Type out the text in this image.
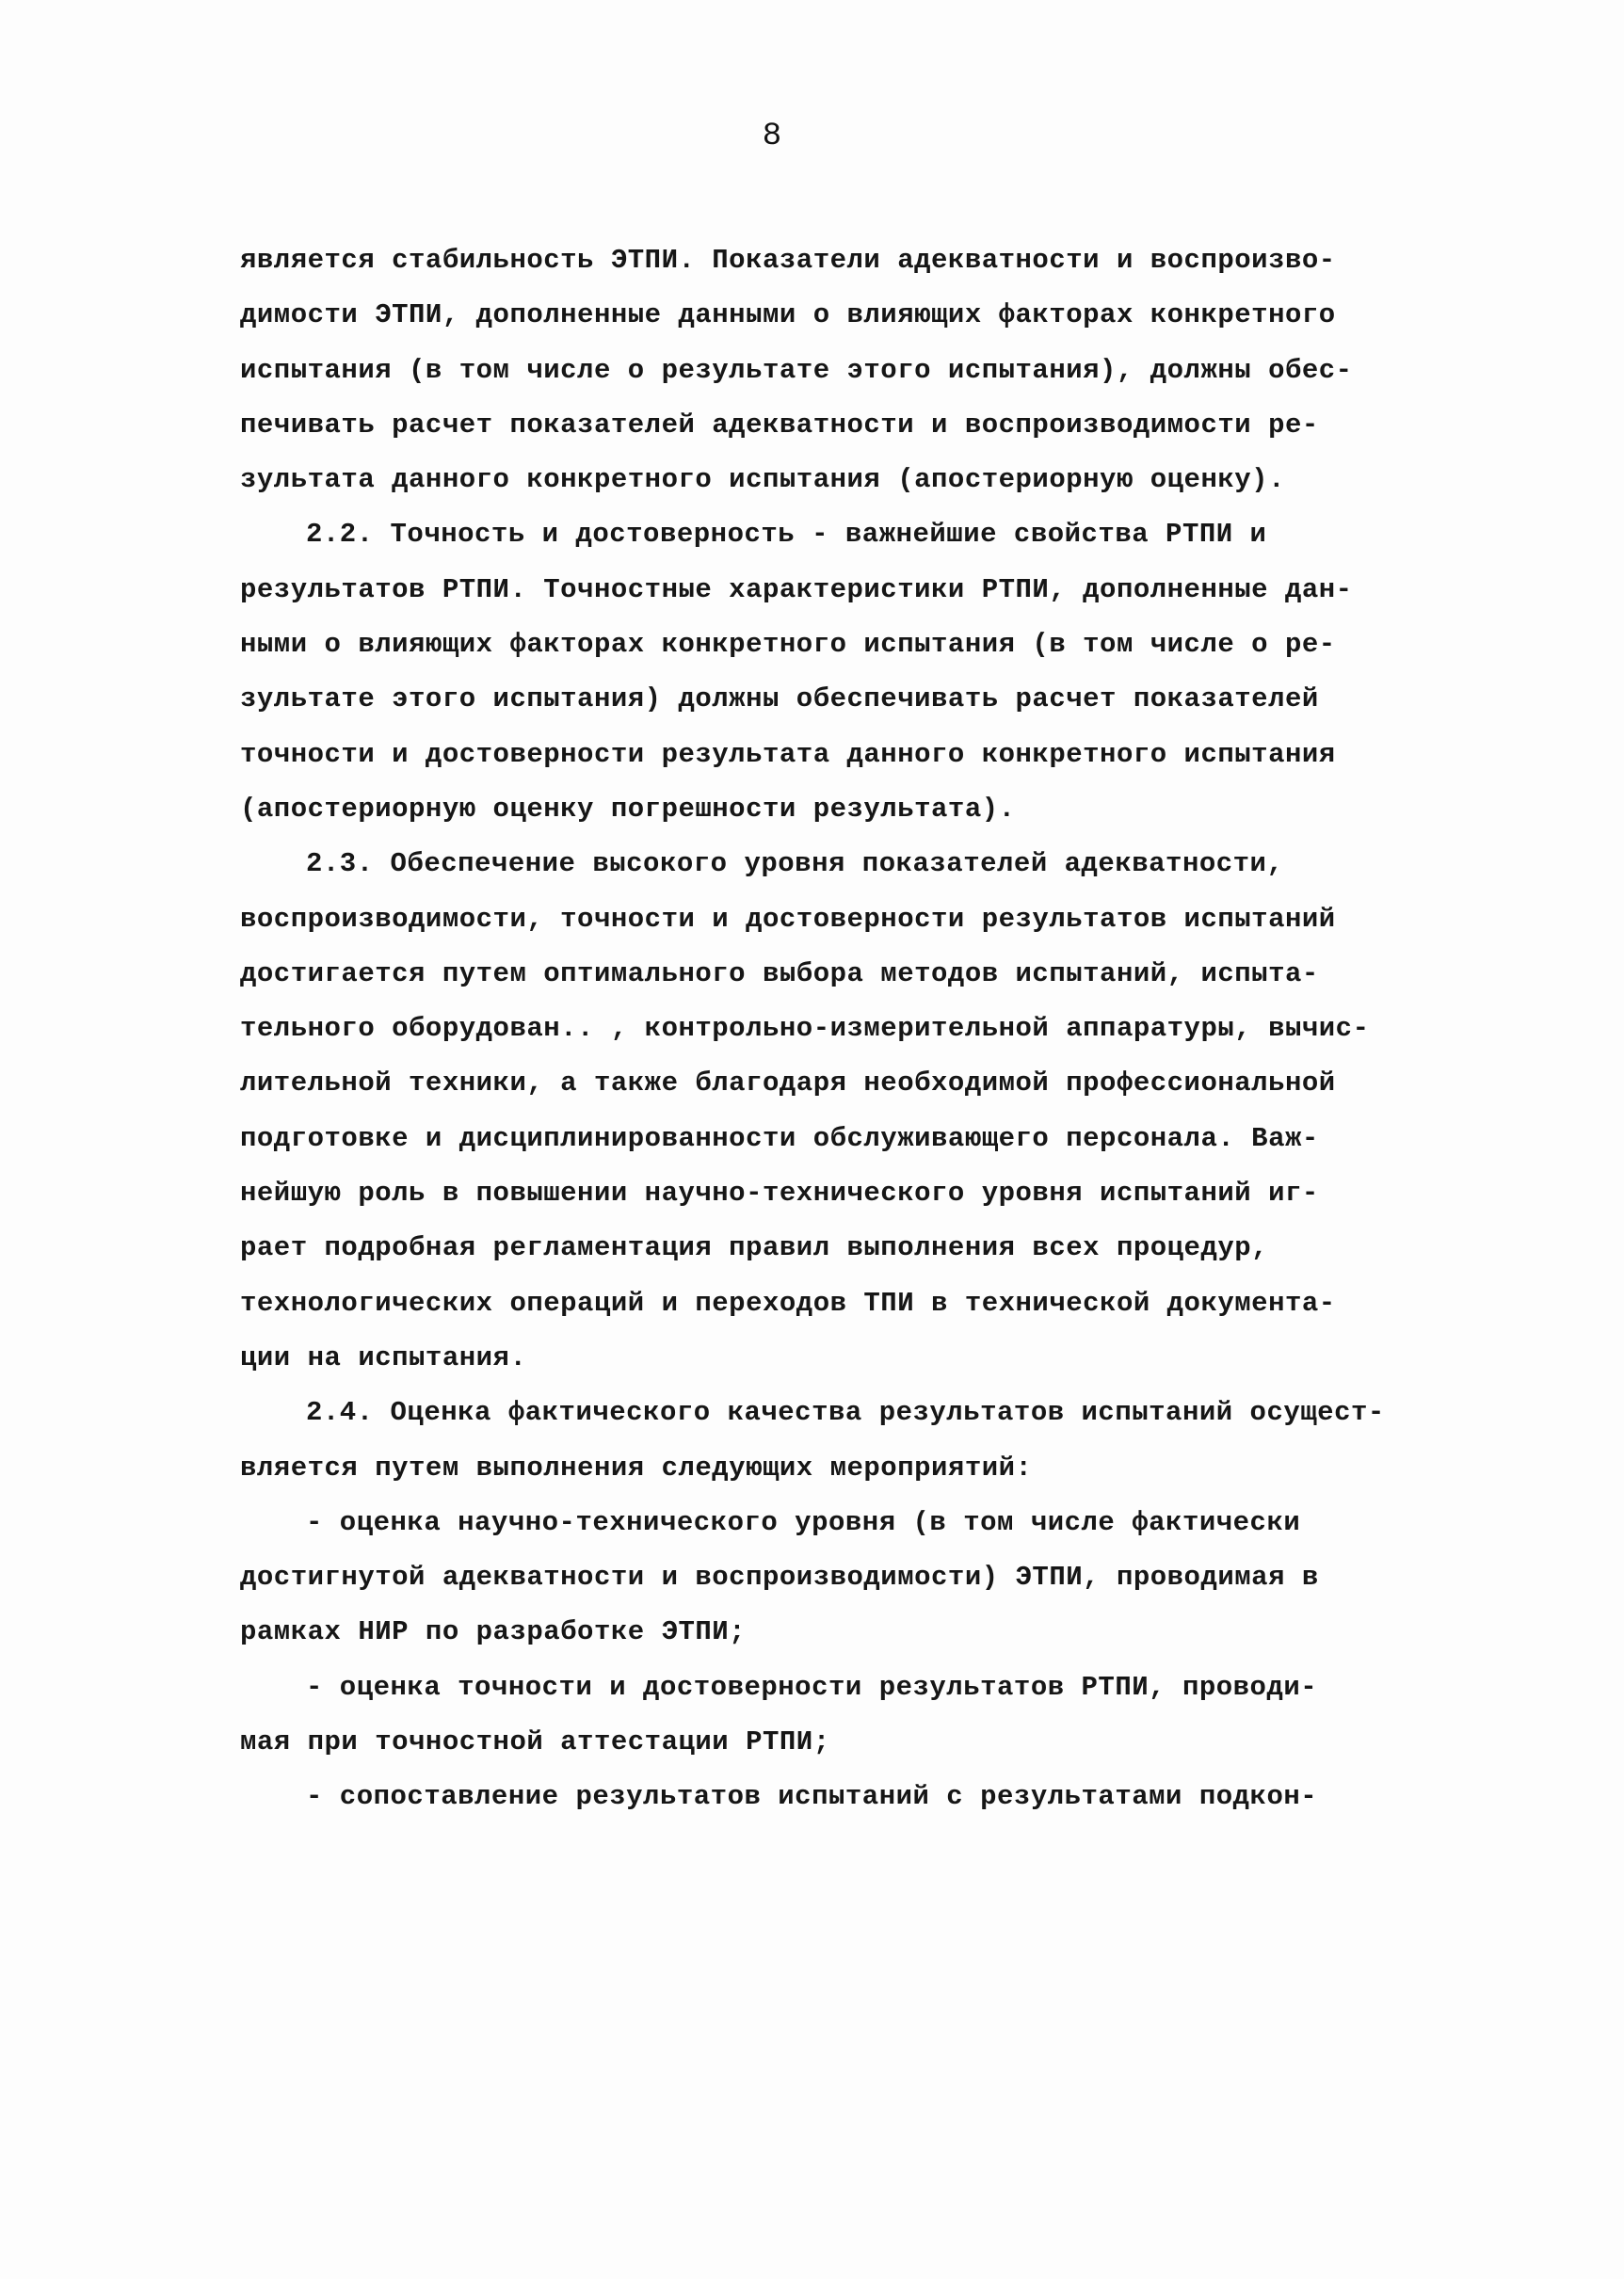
8
является стабильность ЭТПИ. Показатели адекватности и воспроизво-
димости ЭТПИ, дополненные данными о влияющих факторах конкретного
испытания (в том числе о результате этого испытания), должны обес-
печивать расчет показателей адекватности и воспроизводимости ре-
зультата данного конкретного испытания (апостериорную оценку).
2.2. Точность и достоверность - важнейшие свойства РТПИ и
результатов РТПИ. Точностные характеристики РТПИ, дополненные дан-
ными о влияющих факторах конкретного испытания (в том числе о ре-
зультате этого испытания) должны обеспечивать расчет показателей
точности и достоверности результата данного конкретного испытания
(апостериорную оценку погрешности результата).
2.3. Обеспечение высокого уровня показателей адекватности,
воспроизводимости, точности и достоверности результатов испытаний
достигается путем оптимального выбора методов испытаний, испыта-
тельного оборудован.. , контрольно-измерительной аппаратуры, вычис-
лительной техники, а также благодаря необходимой профессиональной
подготовке и дисциплинированности обслуживающего персонала. Важ-
нейшую роль в повышении научно-технического уровня испытаний иг-
рает подробная регламентация правил выполнения всех процедур,
технологических операций и переходов ТПИ в технической документа-
ции на испытания.
2.4. Оценка фактического качества результатов испытаний осущест-
вляется путем выполнения следующих мероприятий:
- оценка научно-технического уровня (в том числе фактически
достигнутой адекватности и воспроизводимости) ЭТПИ, проводимая в
рамках НИР по разработке ЭТПИ;
- оценка точности и достоверности результатов РТПИ, проводи-
мая при точностной аттестации РТПИ;
- сопоставление результатов испытаний с результатами подкон-
